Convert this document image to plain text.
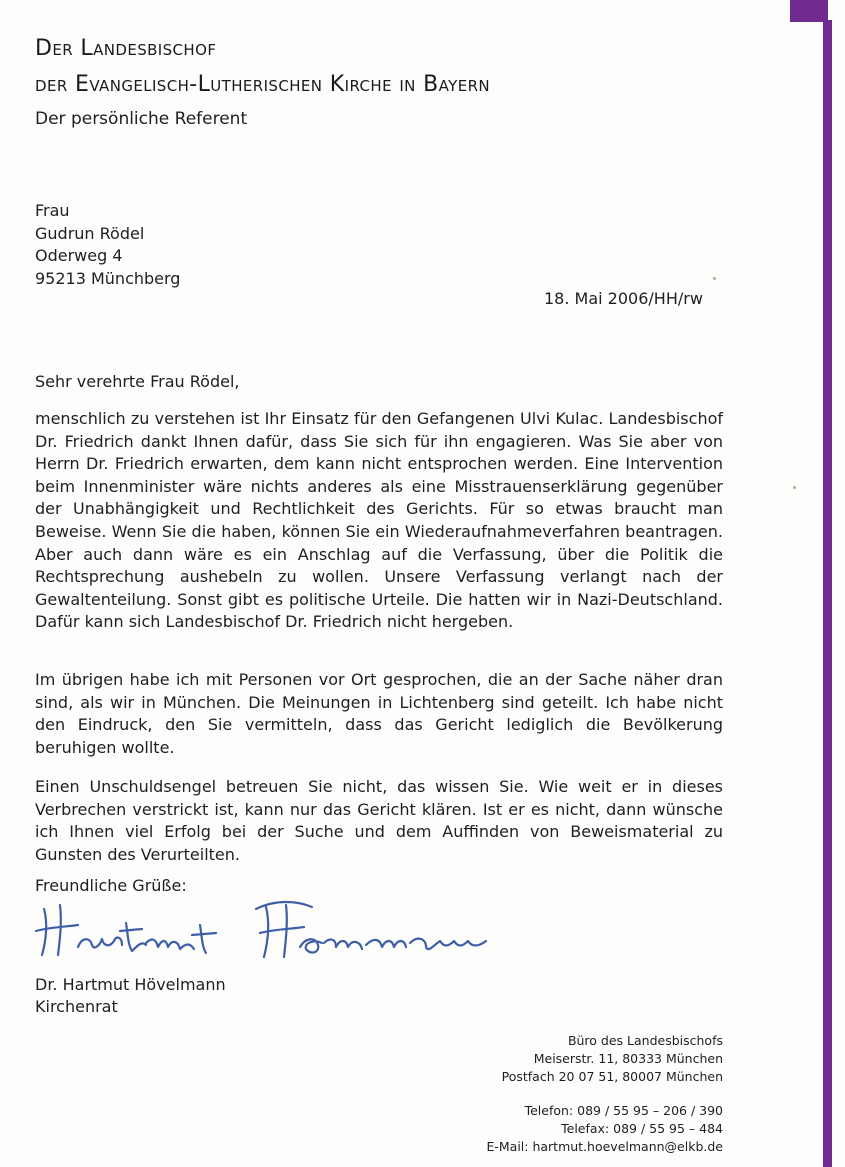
Der Landesbischof
der Evangelisch-Lutherischen Kirche in Bayern
Der persönliche Referent
Frau
Gudrun Rödel
Oderweg 4
95213 Münchberg
18. Mai 2006/HH/rw
Sehr verehrte Frau Rödel,
menschlich zu verstehen ist Ihr Einsatz für den Gefangenen Ulvi Kulac. Landesbischof Dr. Friedrich dankt Ihnen dafür, dass Sie sich für ihn engagieren. Was Sie aber von Herrn Dr. Friedrich erwarten, dem kann nicht entsprochen werden. Eine Intervention beim Innenminister wäre nichts anderes als eine Misstrauenserklärung gegenüber der Unabhängigkeit und Rechtlichkeit des Gerichts. Für so etwas braucht man Beweise. Wenn Sie die haben, können Sie ein Wiederaufnahmeverfahren beantragen. Aber auch dann wäre es ein Anschlag auf die Verfassung, über die Politik die Rechtsprechung aushebeln zu wollen. Unsere Verfassung verlangt nach der Gewaltenteilung. Sonst gibt es politische Urteile. Die hatten wir in Nazi-Deutschland. Dafür kann sich Landesbischof Dr. Friedrich nicht hergeben.
Im übrigen habe ich mit Personen vor Ort gesprochen, die an der Sache näher dran sind, als wir in München. Die Meinungen in Lichtenberg sind geteilt. Ich habe nicht den Eindruck, den Sie vermitteln, dass das Gericht lediglich die Bevölkerung beruhigen wollte.
Einen Unschuldsengel betreuen Sie nicht, das wissen Sie. Wie weit er in dieses Verbrechen verstrickt ist, kann nur das Gericht klären. Ist er es nicht, dann wünsche ich Ihnen viel Erfolg bei der Suche und dem Auffinden von Beweismaterial zu Gunsten des Verurteilten.
Freundliche Grüße:
Dr. Hartmut Hövelmann
Kirchenrat
Büro des Landesbischofs
Meiserstr. 11, 80333 München
Postfach 20 07 51, 80007 München
Telefon: 089 / 55 95 – 206 / 390
Telefax: 089 / 55 95 – 484
E-Mail: hartmut.hoevelmann@elkb.de
